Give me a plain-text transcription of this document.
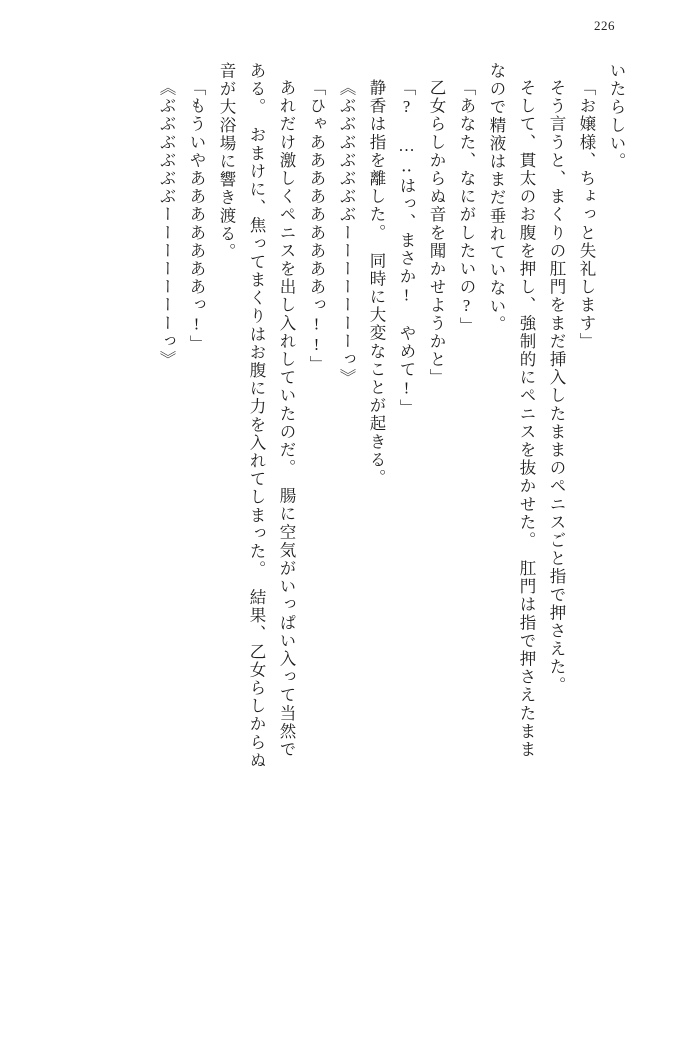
226
いたらしい。
「お嬢様、ちょっと失礼します」
そう言うと、まくりの肛門をまだ挿入したままのペニスごと指で押さえた。
そして、貫太のお腹を押し、強制的にペニスを抜かせた。　肛門は指で押さえたまま
なので精液はまだ垂れていない。
「あなた、なにがしたいの?」
乙女らしからぬ音を聞かせようかと」
「?　…‥はっ、まさか!　やめて!」
静香は指を離した。　同時に大変なことが起きる。
《ぶぶぶぶぶぶぶーーーーーーーっ》
「ひゃあああああああああっ!!」
あれだけ激しくペニスを出し入れしていたのだ。　腸に空気がいっぱい入って当然で
ある。　おまけに、焦ってまくりはお腹に力を入れてしまった。　結果、乙女らしからぬ
音が大浴場に響き渡る。
「もういやあああああああっ!」
《ぶぶぶぶぶぶーーーーーーーっ》
